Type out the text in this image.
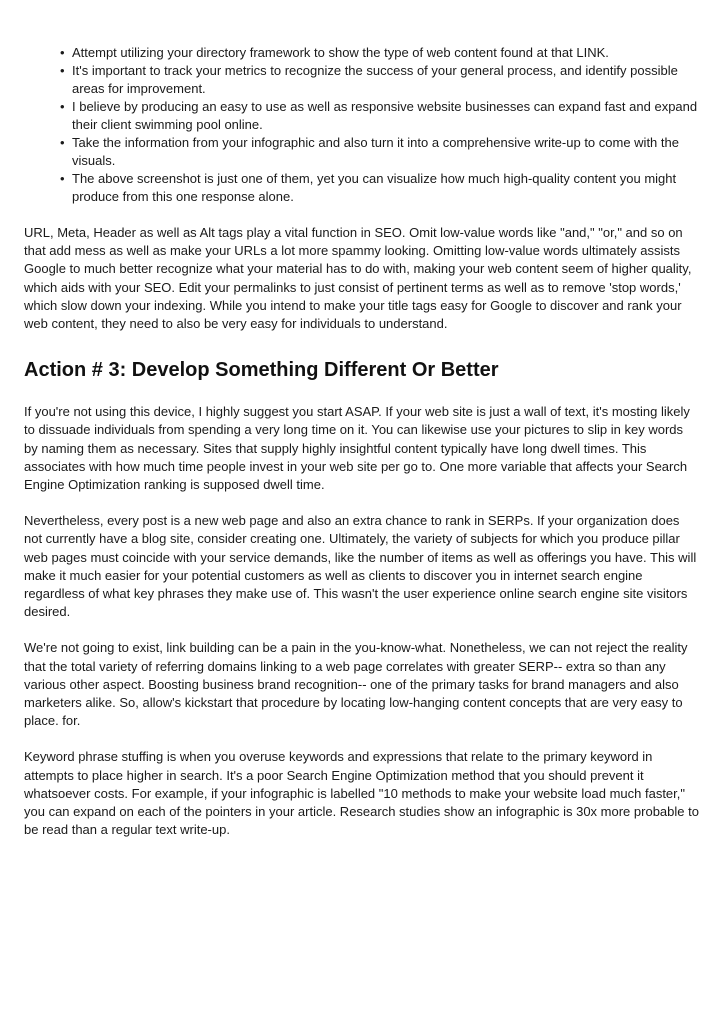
• Attempt utilizing your directory framework to show the type of web content found at that LINK.
• It's important to track your metrics to recognize the success of your general process, and identify possible areas for improvement.
• I believe by producing an easy to use as well as responsive website businesses can expand fast and expand their client swimming pool online.
• Take the information from your infographic and also turn it into a comprehensive write-up to come with the visuals.
• The above screenshot is just one of them, yet you can visualize how much high-quality content you might produce from this one response alone.

URL, Meta, Header as well as Alt tags play a vital function in SEO. Omit low-value words like "and," "or," and so on that add mess as well as make your URLs a lot more spammy looking. Omitting low-value words ultimately assists Google to much better recognize what your material has to do with, making your web content seem of higher quality, which aids with your SEO. Edit your permalinks to just consist of pertinent terms as well as to remove 'stop words,' which slow down your indexing. While you intend to make your title tags easy for Google to discover and rank your web content, they need to also be very easy for individuals to understand.

Action # 3: Develop Something Different Or Better

If you're not using this device, I highly suggest you start ASAP. If your web site is just a wall of text, it's mosting likely to dissuade individuals from spending a very long time on it. You can likewise use your pictures to slip in key words by naming them as necessary. Sites that supply highly insightful content typically have long dwell times. This associates with how much time people invest in your web site per go to. One more variable that affects your Search Engine Optimization ranking is supposed dwell time.

Nevertheless, every post is a new web page and also an extra chance to rank in SERPs. If your organization does not currently have a blog site, consider creating one. Ultimately, the variety of subjects for which you produce pillar web pages must coincide with your service demands, like the number of items as well as offerings you have. This will make it much easier for your potential customers as well as clients to discover you in internet search engine regardless of what key phrases they make use of. This wasn't the user experience online search engine site visitors desired.

We're not going to exist, link building can be a pain in the you-know-what. Nonetheless, we can not reject the reality that the total variety of referring domains linking to a web page correlates with greater SERP-- extra so than any various other aspect. Boosting business brand recognition-- one of the primary tasks for brand managers and also marketers alike. So, allow's kickstart that procedure by locating low-hanging content concepts that are very easy to place. for.

Keyword phrase stuffing is when you overuse keywords and expressions that relate to the primary keyword in attempts to place higher in search. It's a poor Search Engine Optimization method that you should prevent it whatsoever costs. For example, if your infographic is labelled "10 methods to make your website load much faster," you can expand on each of the pointers in your article. Research studies show an infographic is 30x more probable to be read than a regular text write-up.
